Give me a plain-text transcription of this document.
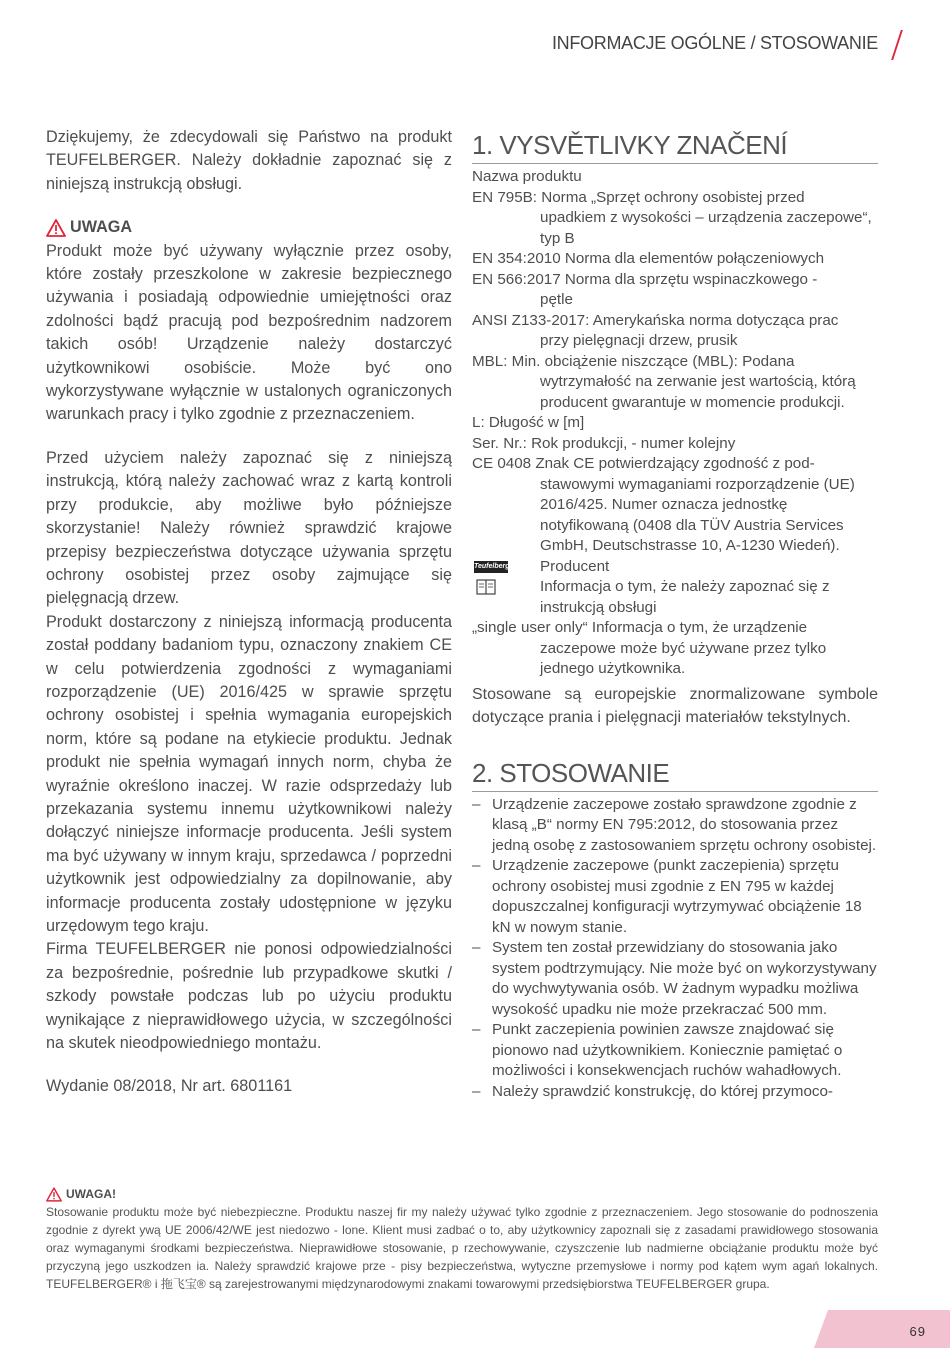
INFORMACJE OGÓLNE / STOSOWANIE

Dziękujemy, że zdecydowali się Państwo na produkt TEUFELBERGER. Należy dokładnie zapoznać się z niniejszą instrukcją obsługi.

UWAGA

Produkt może być używany wyłącznie przez osoby, które zostały przeszkolone w zakresie bezpiecznego używania i posiadają odpowiednie umiejętności oraz zdolności bądź pracują pod bezpośrednim nadzorem takich osób! Urządzenie należy dostarczyć użytkownikowi osobiście. Może być ono wykorzystywane wyłącznie w ustalonych ograniczonych warunkach pracy i tylko zgodnie z przeznaczeniem.

Przed użyciem należy zapoznać się z niniejszą instrukcją, którą należy zachować wraz z kartą kontroli przy produkcie, aby możliwe było późniejsze skorzystanie! Należy również sprawdzić krajowe przepisy bezpieczeństwa dotyczące używania sprzętu ochrony osobistej przez osoby zajmujące się pielęgnacją drzew.

Produkt dostarczony z niniejszą informacją producenta został poddany badaniom typu, oznaczony znakiem CE w celu potwierdzenia zgodności z wymaganiami rozporządzenie (UE) 2016/425 w sprawie sprzętu ochrony osobistej i spełnia wymagania europejskich norm, które są podane na etykiecie produktu. Jednak produkt nie spełnia wymagań innych norm, chyba że wyraźnie określono inaczej. W razie odsprzedaży lub przekazania systemu innemu użytkownikowi należy dołączyć niniejsze informacje producenta. Jeśli system ma być używany w innym kraju, sprzedawca / poprzedni użytkownik jest odpowiedzialny za dopilnowanie, aby informacje producenta zostały udostępnione w języku urzędowym tego kraju.

Firma TEUFELBERGER nie ponosi odpowiedzialności za bezpośrednie, pośrednie lub przypadkowe skutki / szkody powstałe podczas lub po użyciu produktu wynikające z nieprawidłowego użycia, w szczególności na skutek nieodpowiedniego montażu.

Wydanie 08/2018, Nr art. 6801161

1. VYSVĚTLIVKY ZNAČENÍ
Nazwa produktu
EN 795B: Norma „Sprzęt ochrony osobistej przed
upadkiem z wysokości – urządzenia zaczepowe“, typ B
EN 354:2010 Norma dla elementów połączeniowych
EN 566:2017 Norma dla sprzętu wspinaczkowego -
pętle
ANSI Z133-2017: Amerykańska norma dotycząca prac
przy pielęgnacji drzew, prusik
MBL: Min. obciążenie niszczące (MBL): Podana
wytrzymałość na zerwanie jest wartością, którą producent gwarantuje w momencie produkcji.
L: Długość w [m]
Ser. Nr.: Rok produkcji, - numer kolejny
CE 0408 Znak CE potwierdzający zgodność z pod-
stawowymi wymaganiami rozporządzenie (UE) 2016/425. Numer oznacza jednostkę notyfikowaną (0408 dla TÜV Austria Services GmbH, Deutschstrasse 10, A-1230 Wiedeń).
Teufelberger	Producent
Informacja o tym, że należy zapoznać się z instrukcją obsługi
„single user only“ Informacja o tym, że urządzenie
zaczepowe może być używane przez tylko jednego użytkownika.
Stosowane są europejskie znormalizowane symbole dotyczące prania i pielęgnacji materiałów tekstylnych.
2. STOSOWANIE
– Urządzenie zaczepowe zostało sprawdzone zgodnie z klasą „B“ normy EN 795:2012, do stosowania przez jedną osobę z zastosowaniem sprzętu ochrony osobistej.
– Urządzenie zaczepowe (punkt zaczepienia) sprzętu ochrony osobistej musi zgodnie z EN 795 w każdej dopuszczalnej konfiguracji wytrzymywać obciążenie 18 kN w nowym stanie.
– System ten został przewidziany do stosowania jako system podtrzymujący. Nie może być on wykorzystywany do wychwytywania osób. W żadnym wypadku możliwa wysokość upadku nie może przekraczać 500 mm.
– Punkt zaczepienia powinien zawsze znajdować się pionowo nad użytkownikiem. Koniecznie pamiętać o możliwości i konsekwencjach ruchów wahadłowych.
– Należy sprawdzić konstrukcję, do której przymoco-
UWAGA!
Stosowanie produktu może być niebezpieczne. Produktu naszej fir my należy używać tylko zgodnie z przeznaczeniem. Jego stosowanie do podnoszenia zgodnie z dyrekt ywą UE 2006/42/WE jest niedozwo - lone. Klient musi zadbać o to, aby użytkownicy zapoznali się z zasadami prawidłowego stosowania oraz wymaganymi środkami bezpieczeństwa. Nieprawidłowe stosowanie, p rzechowywanie, czyszczenie lub nadmierne obciążanie produktu może być przyczyną jego uszkodzen ia. Należy sprawdzić krajowe prze - pisy bezpieczeństwa, wytyczne przemysłowe i normy pod kątem wym agań lokalnych. TEUFELBERGER® i 拖飞宝® są zarejestrowanymi międzynarodowymi znakami towarowymi przedsiębiorstwa TEUFELBERGER grupa.
69
